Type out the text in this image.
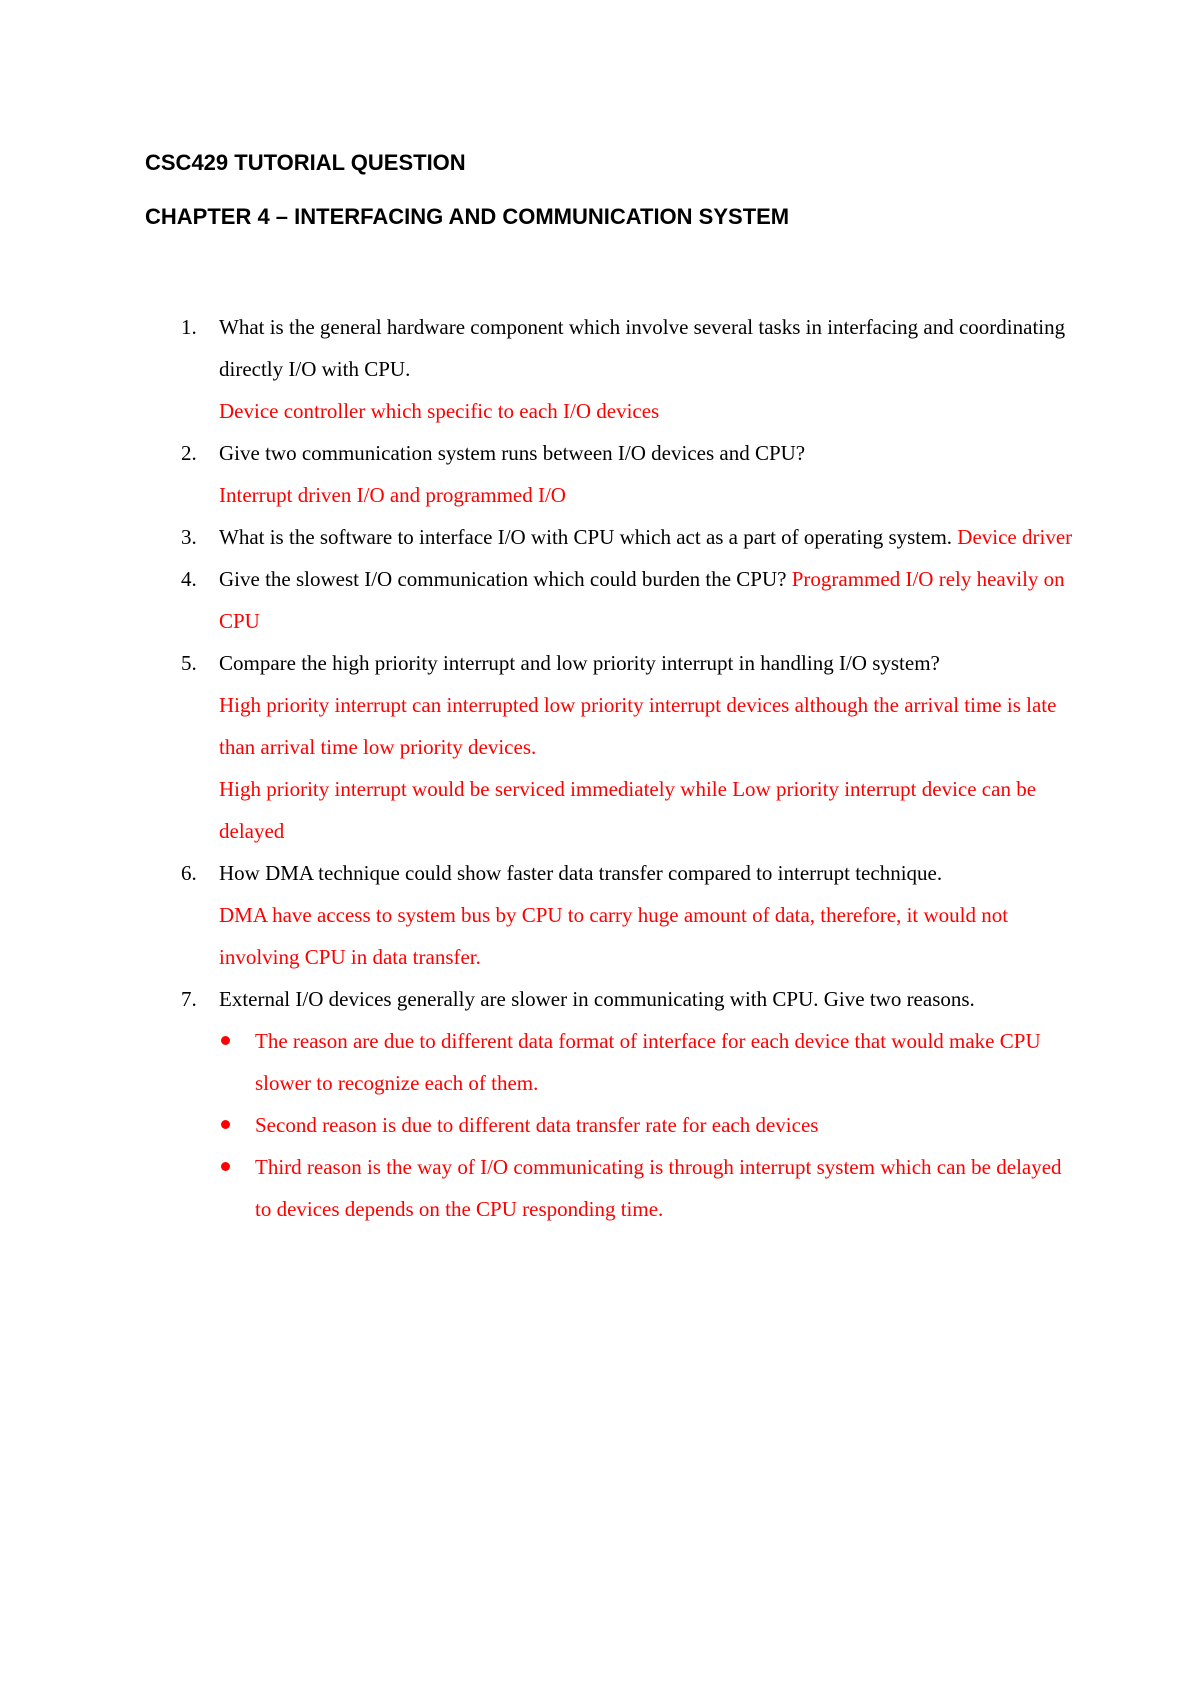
CSC429 TUTORIAL QUESTION
CHAPTER 4 – INTERFACING AND COMMUNICATION SYSTEM
1. What is the general hardware component which involve several tasks in interfacing and coordinating directly I/O with CPU.
Device controller which specific to each I/O devices
2. Give two communication system runs between I/O devices and CPU?
Interrupt driven I/O and programmed I/O
3. What is the software to interface I/O with CPU which act as a part of operating system. Device driver
4. Give the slowest I/O communication which could burden the CPU? Programmed I/O rely heavily on CPU
5. Compare the high priority interrupt and low priority interrupt in handling I/O system?
High priority interrupt can interrupted low priority interrupt devices although the arrival time is late than arrival time low priority devices.
High priority interrupt would be serviced immediately while Low priority interrupt device can be delayed
6. How DMA technique could show faster data transfer compared to interrupt technique.
DMA have access to system bus by CPU to carry huge amount of data, therefore, it would not involving CPU in data transfer.
7. External I/O devices generally are slower in communicating with CPU. Give two reasons.
The reason are due to different data format of interface for each device that would make CPU slower to recognize each of them.
Second reason is due to different data transfer rate for each devices
Third reason is the way of I/O communicating is through interrupt system which can be delayed to devices depends on the CPU responding time.
